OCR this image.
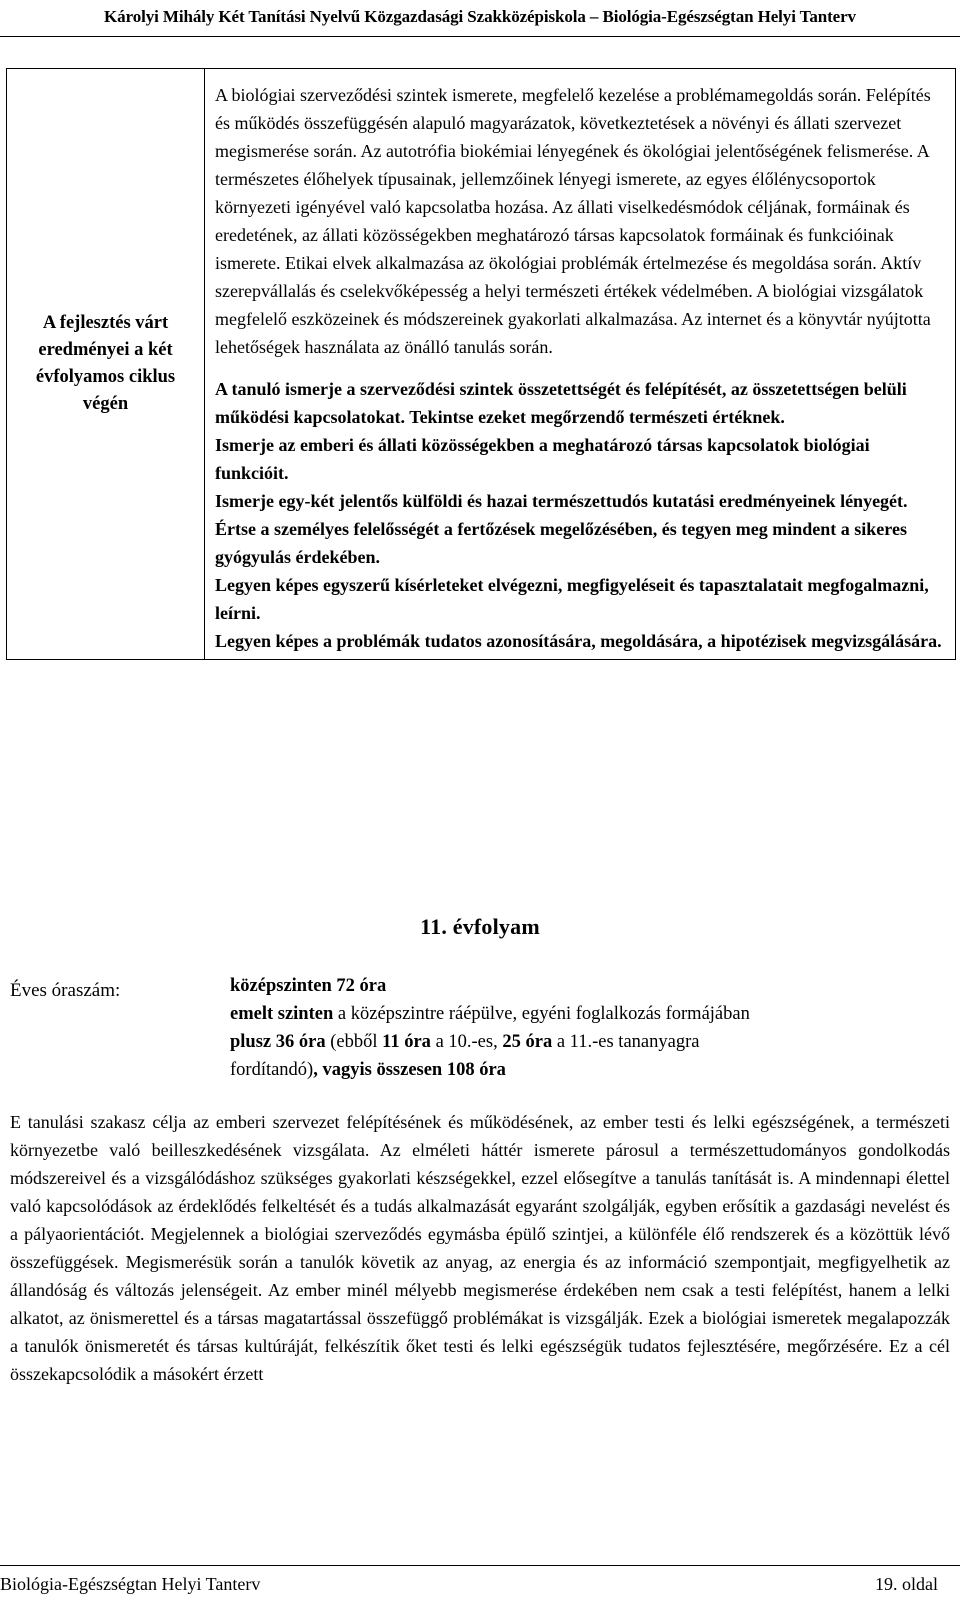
Károlyi Mihály Két Tanítási Nyelvű Közgazdasági Szakközépiskola – Biológia-Egészségtan Helyi Tanterv
A fejlesztés várt eredményei a két évfolyamos ciklus végén	

A biológiai szerveződési szintek ismerete, megfelelő kezelése a problémamegoldás során. Felépítés és működés összefüggésén alapuló magyarázatok, következtetések a növényi és állati szervezet megismerése során. Az autotrófia biokémiai lényegének és ökológiai jelentőségének felismerése. A természetes élőhelyek típusainak, jellemzőinek lényegi ismerete, az egyes élőlénycsoportok környezeti igényével való kapcsolatba hozása. Az állati viselkedésmódok céljának, formáinak és eredetének, az állati közösségekben meghatározó társas kapcsolatok formáinak és funkcióinak ismerete. Etikai elvek alkalmazása az ökológiai problémák értelmezése és megoldása során. Aktív szerepvállalás és cselekvőképesség a helyi természeti értékek védelmében. A biológiai vizsgálatok megfelelő eszközeinek és módszereinek gyakorlati alkalmazása. Az internet és a könyvtár nyújtotta lehetőségek használata az önálló tanulás során.

A tanuló ismerje a szerveződési szintek összetettségét és felépítését, az összetettségen belüli működési kapcsolatokat. Tekintse ezeket megőrzendő természeti értéknek.

Ismerje az emberi és állati közösségekben a meghatározó társas kapcsolatok biológiai funkcióit.

Ismerje egy-két jelentős külföldi és hazai természettudós kutatási eredményeinek lényegét.

Értse a személyes felelősségét a fertőzések megelőzésében, és tegyen meg mindent a sikeres gyógyulás érdekében.

Legyen képes egyszerű kísérleteket elvégezni, megfigyeléseit és tapasztalatait megfogalmazni, leírni.

Legyen képes a problémák tudatos azonosítására, megoldására, a hipotézisek megvizsgálására.

11. évfolyam
Éves óraszám:	középszinten 72 óra
emelt szinten a középszintre ráépülve, egyéni foglalkozás formájában
plusz 36 óra (ebből 11 óra a 10.-es, 25 óra a 11.-es tananyagra
fordítandó), vagyis összesen 108 óra

E tanulási szakasz célja az emberi szervezet felépítésének és működésének, az ember testi és lelki egészségének, a természeti környezetbe való beilleszkedésének vizsgálata. Az elméleti háttér ismerete párosul a természettudományos gondolkodás módszereivel és a vizsgálódáshoz szükséges gyakorlati készségekkel, ezzel elősegítve a tanulás tanítását is. A mindennapi élettel való kapcsolódások az érdeklődés felkeltését és a tudás alkalmazását egyaránt szolgálják, egyben erősítik a gazdasági nevelést és a pályaorientációt. Megjelennek a biológiai szerveződés egymásba épülő szintjei, a különféle élő rendszerek és a közöttük lévő összefüggések. Megismerésük során a tanulók követik az anyag, az energia és az információ szempontjait, megfigyelhetik az állandóság és változás jelenségeit. Az ember minél mélyebb megismerése érdekében nem csak a testi felépítést, hanem a lelki alkatot, az önismerettel és a társas magatartással összefüggő problémákat is vizsgálják. Ezek a biológiai ismeretek megalapozzák a tanulók önismeretét és társas kultúráját, felkészítik őket testi és lelki egészségük tudatos fejlesztésére, megőrzésére. Ez a cél összekapcsolódik a másokért érzett

Biológia-Egészségtan Helyi Tanterv	19. oldal
